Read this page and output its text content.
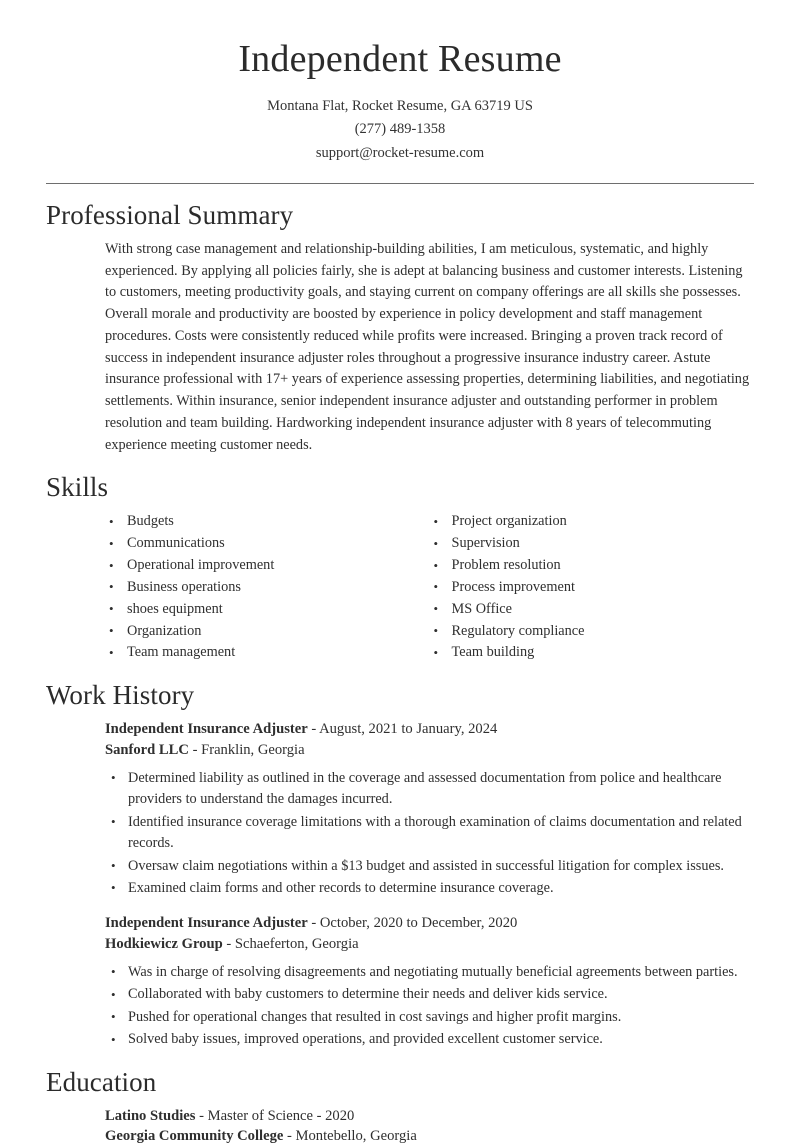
Independent Resume

Montana Flat, Rocket Resume, GA 63719 US

(277) 489-1358

support@rocket-resume.com

Professional Summary

With strong case management and relationship-building abilities, I am meticulous, systematic, and highly experienced. By applying all policies fairly, she is adept at balancing business and customer interests. Listening to customers, meeting productivity goals, and staying current on company offerings are all skills she possesses. Overall morale and productivity are boosted by experience in policy development and staff management procedures. Costs were consistently reduced while profits were increased. Bringing a proven track record of success in independent insurance adjuster roles throughout a progressive insurance industry career. Astute insurance professional with 17+ years of experience assessing properties, determining liabilities, and negotiating settlements. Within insurance, senior independent insurance adjuster and outstanding performer in problem resolution and team building. Hardworking independent insurance adjuster with 8 years of telecommuting experience meeting customer needs.

Skills
• Budgets
• Communications
• Operational improvement
• Business operations
• shoes equipment
• Organization
• Team management
• Project organization
• Supervision
• Problem resolution
• Process improvement
• MS Office
• Regulatory compliance
• Team building
Work History
Independent Insurance Adjuster - August, 2021 to January, 2024
Sanford LLC - Franklin, Georgia
• Determined liability as outlined in the coverage and assessed documentation from police and healthcare providers to understand the damages incurred.
• Identified insurance coverage limitations with a thorough examination of claims documentation and related records.
• Oversaw claim negotiations within a $13 budget and assisted in successful litigation for complex issues.
• Examined claim forms and other records to determine insurance coverage.
Independent Insurance Adjuster - October, 2020 to December, 2020
Hodkiewicz Group - Schaeferton, Georgia
• Was in charge of resolving disagreements and negotiating mutually beneficial agreements between parties.
• Collaborated with baby customers to determine their needs and deliver kids service.
• Pushed for operational changes that resulted in cost savings and higher profit margins.
• Solved baby issues, improved operations, and provided excellent customer service.
Education
Latino Studies - Master of Science - 2020
Georgia Community College - Montebello, Georgia
